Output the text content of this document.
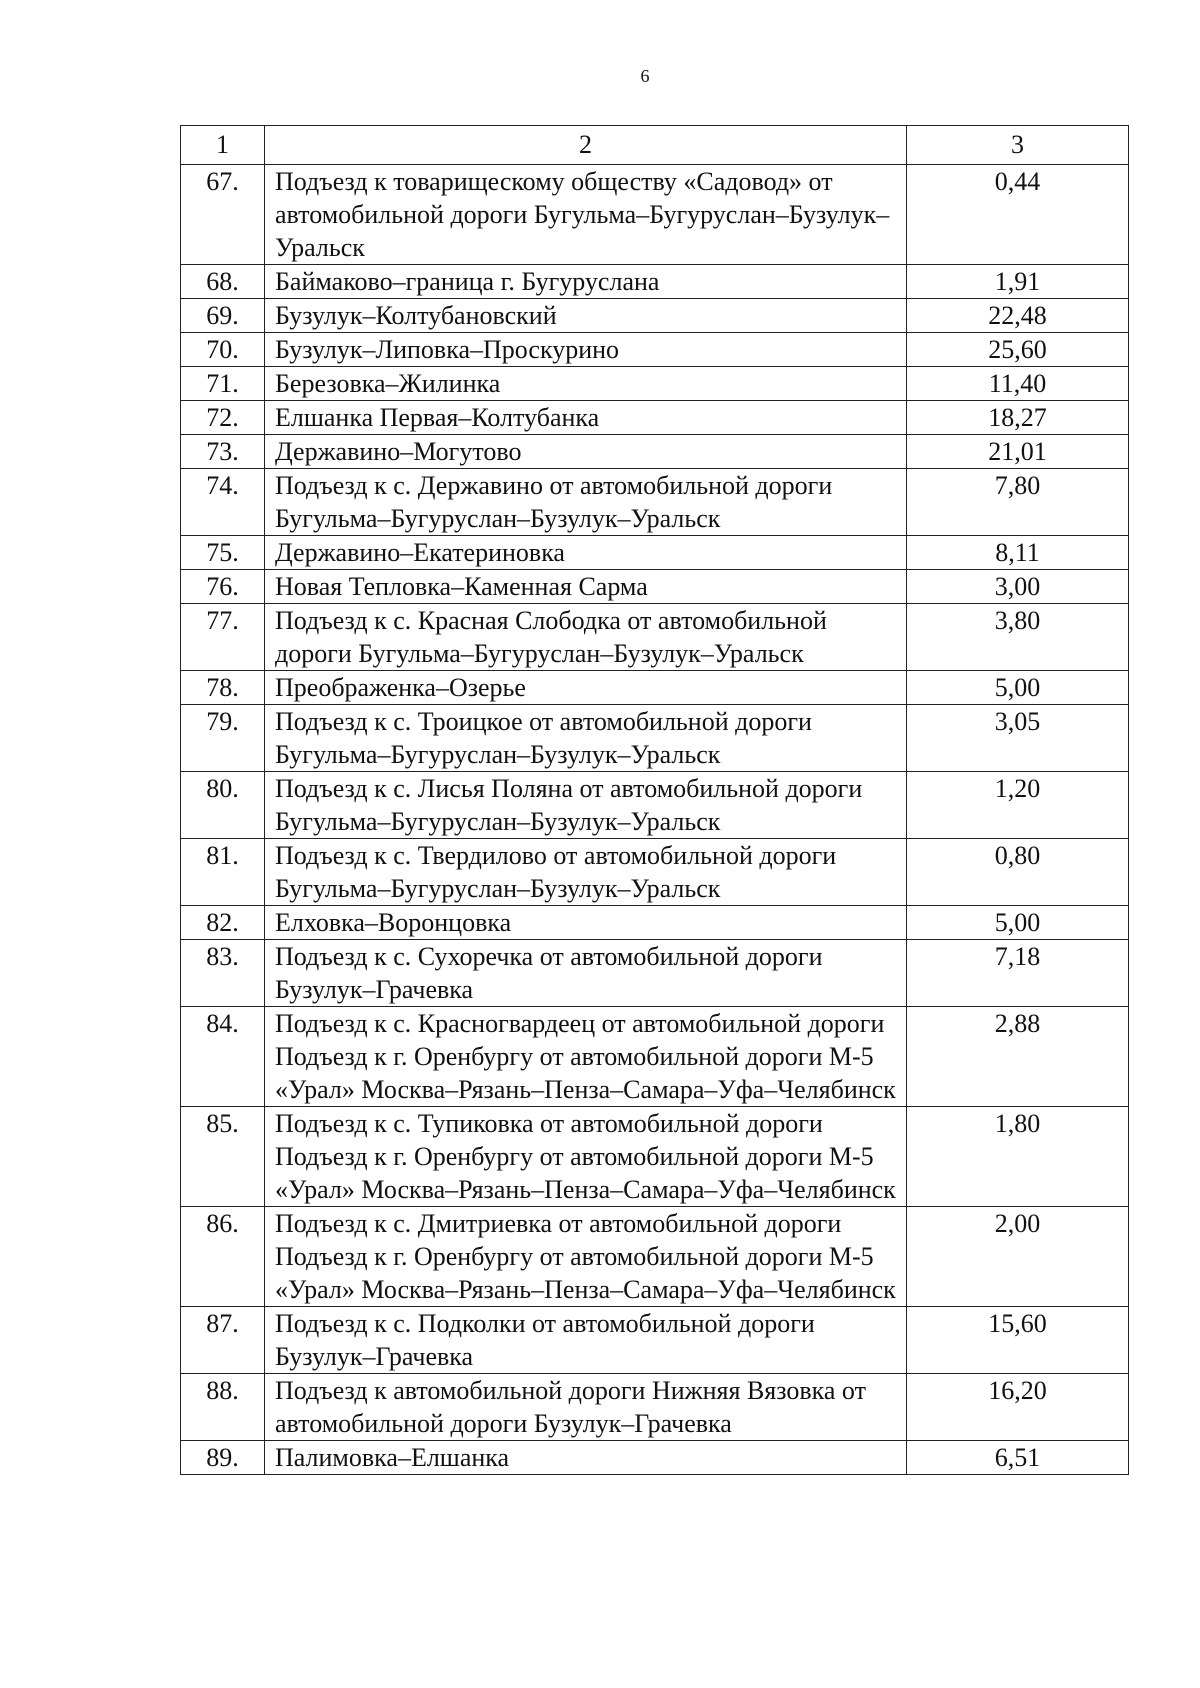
6
1	2	3
67.	Подъезд к товарищескому обществу «Садовод» от автомобильной дороги Бугульма–Бугуруслан–Бузулук–Уральск	0,44
68.	Баймаково–граница г. Бугуруслана	1,91
69.	Бузулук–Колтубановский	22,48
70.	Бузулук–Липовка–Проскурино	25,60
71.	Березовка–Жилинка	11,40
72.	Елшанка Первая–Колтубанка	18,27
73.	Державино–Могутово	21,01
74.	Подъезд к с. Державино от автомобильной дороги Бугульма–Бугуруслан–Бузулук–Уральск	7,80
75.	Державино–Екатериновка	8,11
76.	Новая Тепловка–Каменная Сарма	3,00
77.	Подъезд к с. Красная Слободка от автомобильной дороги Бугульма–Бугуруслан–Бузулук–Уральск	3,80
78.	Преображенка–Озерье	5,00
79.	Подъезд к с. Троицкое от автомобильной дороги Бугульма–Бугуруслан–Бузулук–Уральск	3,05
80.	Подъезд к с. Лисья Поляна от автомобильной дороги Бугульма–Бугуруслан–Бузулук–Уральск	1,20
81.	Подъезд к с. Твердилово от автомобильной дороги Бугульма–Бугуруслан–Бузулук–Уральск	0,80
82.	Елховка–Воронцовка	5,00
83.	Подъезд к с. Сухоречка от автомобильной дороги Бузулук–Грачевка	7,18
84.	Подъезд к с. Красногвардеец от автомобильной дороги Подъезд к г. Оренбургу от автомобильной дороги М-5 «Урал» Москва–Рязань–Пенза–Самара–Уфа–Челябинск	2,88
85.	Подъезд к с. Тупиковка от автомобильной дороги Подъезд к г. Оренбургу от автомобильной дороги М-5 «Урал» Москва–Рязань–Пенза–Самара–Уфа–Челябинск	1,80
86.	Подъезд к с. Дмитриевка от автомобильной дороги Подъезд к г. Оренбургу от автомобильной дороги М-5 «Урал» Москва–Рязань–Пенза–Самара–Уфа–Челябинск	2,00
87.	Подъезд к с. Подколки от автомобильной дороги Бузулук–Грачевка	15,60
88.	Подъезд к автомобильной дороги Нижняя Вязовка от автомобильной дороги Бузулук–Грачевка	16,20
89.	Палимовка–Елшанка	6,51
